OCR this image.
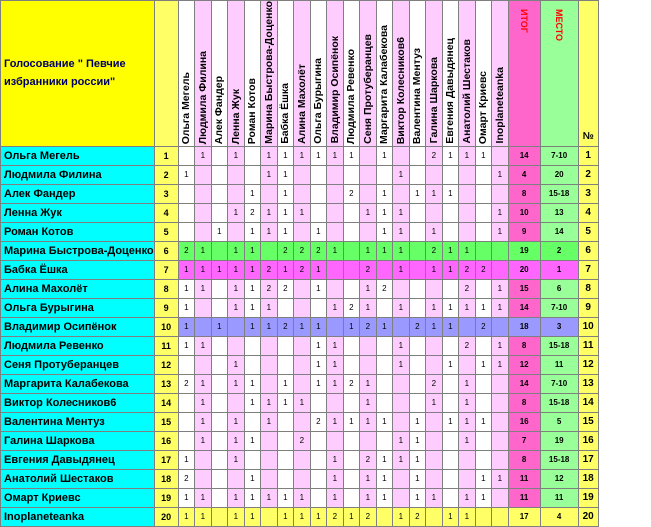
Голосование " Певчие избранники россии"		Ольга Мегель	Людмила Филина	Алек Фандер	Ленна Жук	Роман Котов	Марина Быстрова-Доценко	Бабка Ёшка	Алина Махолёт	Ольга Бурыгина	Владимир Осипёнок	Людмила Ревенко	Сеня Протуберанцев	Маргарита Калабекова	Виктор Колесников6	Валентина Ментуз	Галина Шаркова	Евгения Давыдянец	Анатолий Шестаков	Омарт Криевс	Inoplaneteanka	ИТОГ	МЕСТО	№
Ольга Мегель	1		1		1		1	1	1	1	1	1		1			2	1	1	1		14	7-10	1
Людмила Филина	2	1					1	1							1						1	4	20	2
Алек Фандер	3					1		1				2		1		1	1	1				8	15-18	3
Ленна Жук	4				1	2	1	1	1				1	1	1						1	10	13	4
Роман Котов	5			1		1	1	1		1				1	1		1				1	9	14	5
Марина Быстрова-Доценко	6	2	1		1	1		2	2	2	1		1	1	1		2	1	1			19	2	6
Бабка Ёшка	7	1	1	1	1	1	2	1	2	1			2		1		1	1	2	2		20	1	7
Алина Махолёт	8	1	1		1	1	2	2		1			1	2					2		1	15	6	8
Ольга Бурыгина	9	1			1	1	1				1	2	1		1		1	1	1	1	1	14	7-10	9
Владимир Осипёнок	10	1		1		1	1	2	1	1		1	2	1		2	1	1		2		18	3	10
Людмила Ревенко	11	1	1							1	1				1				2		1	8	15-18	11
Сеня Протуберанцев	12				1					1	1				1			1		1	1	12	11	12
Маргарита Калабекова	13	2	1		1	1		1		1	1	2	1				2		1			14	7-10	13
Виктор Колесников6	14		1			1	1	1	1				1				1		1			8	15-18	14
Валентина Ментуз	15		1		1		1			2	1	1	1	1		1		1	1	1		16	5	15
Галина Шаркова	16		1		1	1			2						1	1			1			7	19	16
Евгения Давыдянец	17	1			1						1		2	1	1	1						8	15-18	17
Анатолий Шестаков	18	2				1					1		1	1		1				1	1	11	12	18
Омарт Криевс	19	1	1		1	1	1	1	1		1		1	1		1	1		1	1		11	11	19
Inoplaneteanka	20	1	1		1	1		1	1	1	2	1	2		1	2		1	1			17	4	20
